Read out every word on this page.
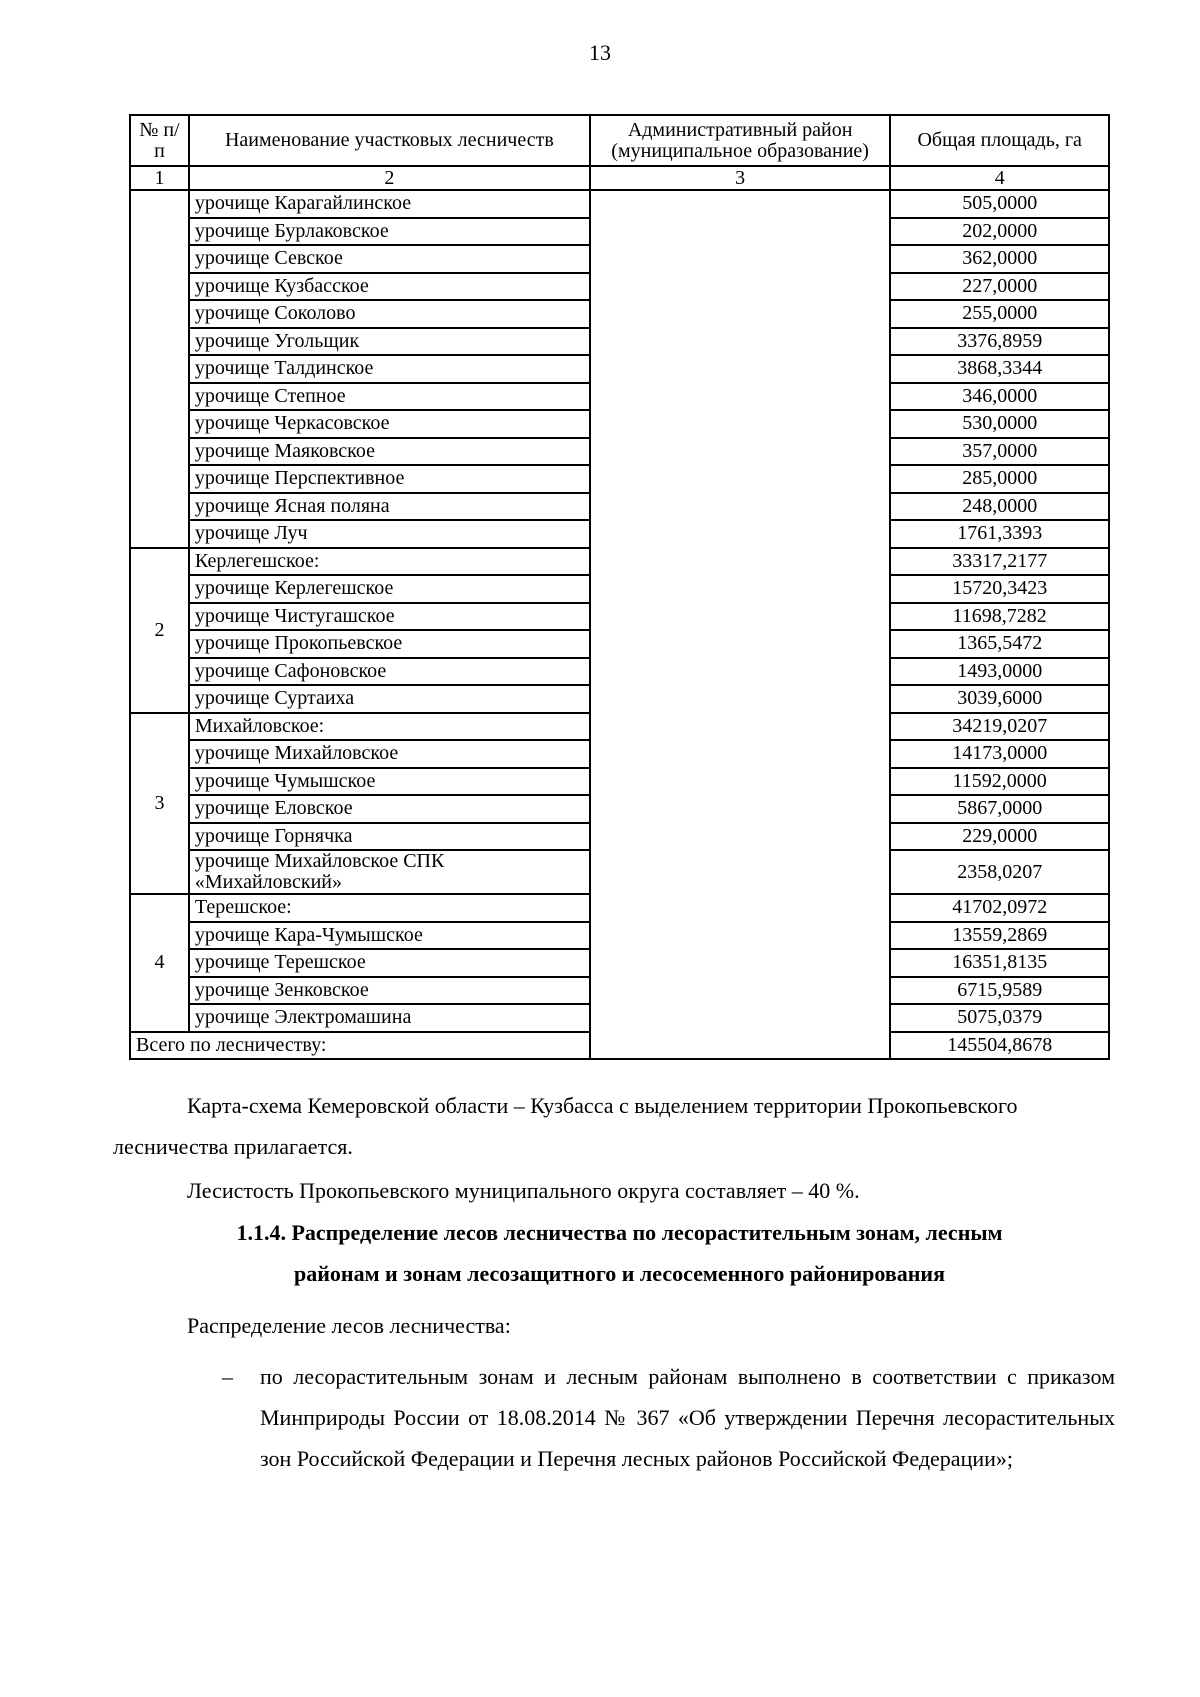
13
№ п/п	Наименование участковых лесничеств	Административный район (муниципальное образование)	Общая площадь, га
1	2	3	4
	урочище Карагайлинское		505,0000
	урочище Бурлаковское		202,0000
	урочище Севское		362,0000
	урочище Кузбасское		227,0000
	урочище Соколово		255,0000
	урочище Угольщик		3376,8959
	урочище Талдинское		3868,3344
	урочище Степное		346,0000
	урочище Черкасовское		530,0000
	урочище Маяковское		357,0000
	урочище Перспективное		285,0000
	урочище Ясная поляна		248,0000
	урочище Луч		1761,3393
2	Керлегешское:		33317,2177
	урочище Керлегешское		15720,3423
	урочище Чистугашское		11698,7282
	урочище Прокопьевское		1365,5472
	урочище Сафоновское		1493,0000
	урочище Суртаиха		3039,6000
3	Михайловское:		34219,0207
	урочище Михайловское		14173,0000
	урочище Чумышское		11592,0000
	урочище Еловское		5867,0000
	урочище Горнячка		229,0000
	урочище Михайловское СПК «Михайловский»		2358,0207
4	Терешское:		41702,0972
	урочище Кара-Чумышское		13559,2869
	урочище Терешское		16351,8135
	урочище Зенковское		6715,9589
	урочище Электромашина		5075,0379
Всего по лесничеству:			145504,8678
Карта-схема Кемеровской области – Кузбасса с выделением территории Прокопьевского
лесничества прилагается.
Лесистость Прокопьевского муниципального округа составляет – 40 %.
1.1.4. Распределение лесов лесничества по лесорастительным зонам, лесным
районам и зонам лесозащитного и лесосеменного районирования
Распределение лесов лесничества:
– по лесорастительным зонам и лесным районам выполнено в соответствии с приказом Минприроды России от 18.08.2014 № 367 «Об утверждении Перечня лесорастительных зон Российской Федерации и Перечня лесных районов Российской Федерации»;
